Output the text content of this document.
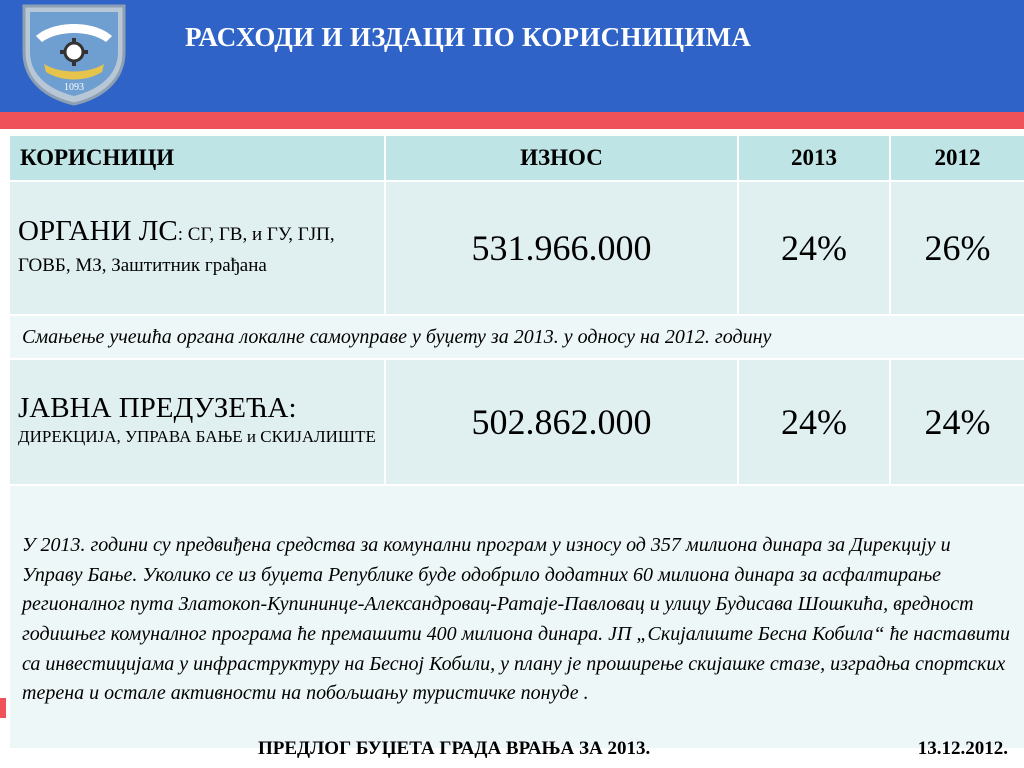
1093
РАСХОДИ И ИЗДАЦИ ПО КОРИСНИЦИМА
КОРИСНИЦИ	ИЗНОС	2013	2012
ОРГАНИ ЛС: СГ, ГВ, и ГУ, ГЈП, ГОВБ, МЗ, Заштитник грађана	531.966.000	24%	26%
Смањење учешћа органа локалне самоуправе у буџету за 2013. у односу на 2012. годину			

ЈАВНА ПРЕДУЗЕЋА:
ДИРЕКЦИЈА, УПРАВА БАЊЕ и СКИЈАЛИШТЕ	502.862.000	24%	24%
У 2013. години су предвиђена средства за комунални програм у износу од 357 милиона динара за Дирекцију и Управу Бање. Уколико се из буџета Републике буде одобрило додатних 60 милиона динара за асфалтирање регионалног пута Златокоп-Купининце-Александровац-Ратаје-Павловац и улицу Будисава Шошкића, вредност годишњег комуналног програма ће премашити 400 милиона динара. ЈП „Скијалиште Бесна Кобила“ ће наставити са инвестицијама у инфраструктуру на Бесној Кобили, у плану је проширење скијашке стазе, изградња спортских терена и остале активности на побољшању туристичке понуде .			
ПРЕДЛОГ БУЏЕТА ГРАДА ВРАЊА ЗА 2013.	13.12.2012.
